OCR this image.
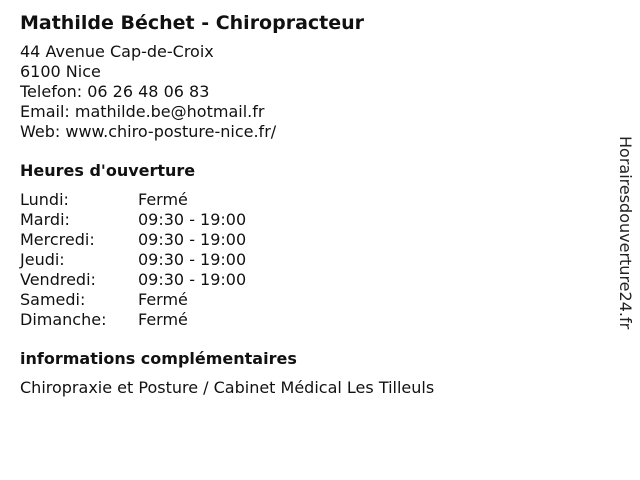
Mathilde Béchet - Chiropracteur
44 Avenue Cap-de-Croix
6100 Nice
Telefon: 06 26 48 06 83
Email: mathilde.be@hotmail.fr
Web: www.chiro-posture-nice.fr/
Heures d'ouverture
Lundi:	Fermé
Mardi:	09:30 - 19:00
Mercredi:	09:30 - 19:00
Jeudi:	09:30 - 19:00
Vendredi:	09:30 - 19:00
Samedi:	Fermé
Dimanche:	Fermé
informations complémentaires
Chiropraxie et Posture / Cabinet Médical Les Tilleuls
Horairesdouverture24.fr
